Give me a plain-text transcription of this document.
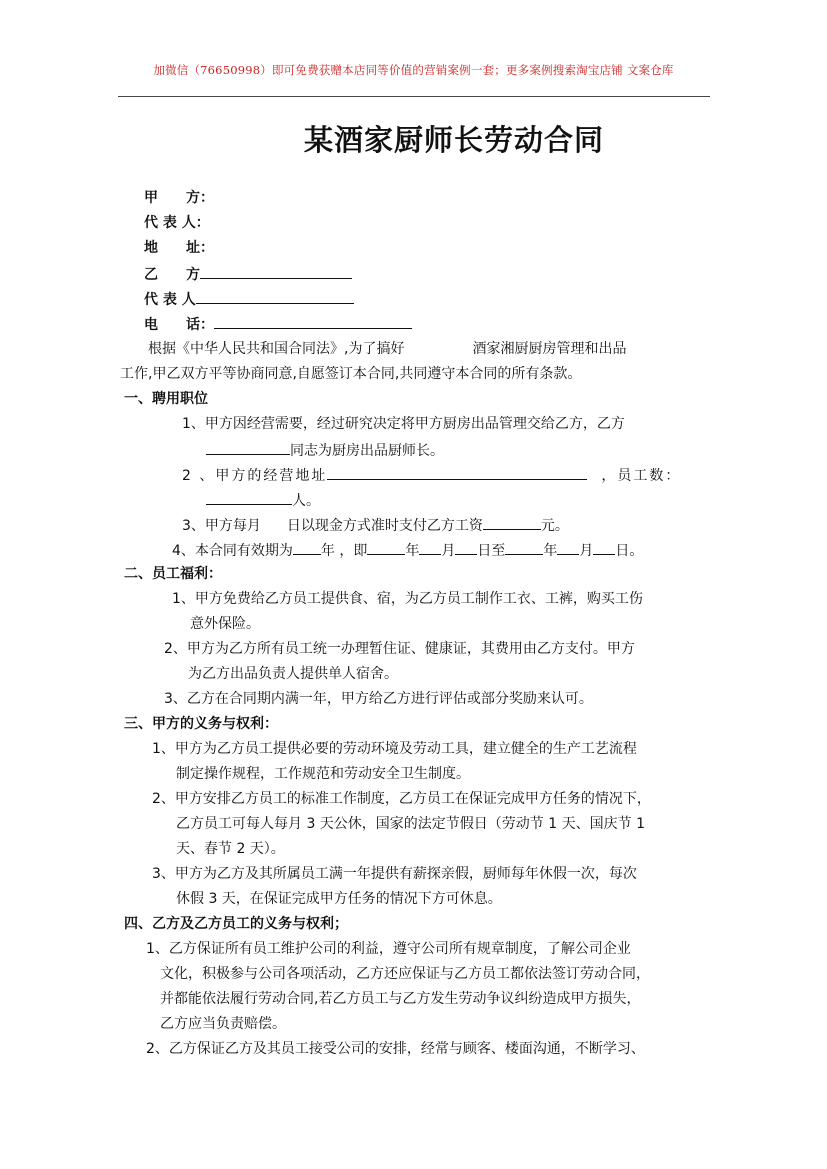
加微信（76650998）即可免费获赠本店同等价值的营销案例一套；更多案例搜索淘宝店铺 文案仓库
某酒家厨师长劳动合同
甲　　方：
代 表 人：
地　　址：
乙　　方
代 表 人
电　　话：
根据《中华人民共和国合同法》,为了搞好	酒家湘厨厨房管理和出品
工作,甲乙双方平等协商同意,自愿签订本合同,共同遵守本合同的所有条款。
一、聘用职位
1、甲方因经营需要，经过研究决定将甲方厨房出品管理交给乙方，乙方
同志为厨房出品厨师长。
2 、甲方的经营地址	，员工数：
人。
3、甲方每月 日以现金方式准时支付乙方工资	元。
4、本合同有效期为 年 ，即	年 月 日至	年 月 日。
二、员工福利：
1、甲方免费给乙方员工提供食、宿，为乙方员工制作工衣、工裤，购买工伤
意外保险。
2、甲方为乙方所有员工统一办理暂住证、健康证，其费用由乙方支付。甲方
为乙方出品负责人提供单人宿舍。
3、乙方在合同期内满一年，甲方给乙方进行评估或部分奖励来认可。
三、甲方的义务与权利：
1、甲方为乙方员工提供必要的劳动环境及劳动工具，建立健全的生产工艺流程
制定操作规程，工作规范和劳动安全卫生制度。
2、甲方安排乙方员工的标准工作制度，乙方员工在保证完成甲方任务的情况下，
乙方员工可每人每月 3 天公休，国家的法定节假日（劳动节 1 天、国庆节 1
天、春节 2 天）。
3、甲方为乙方及其所属员工满一年提供有薪探亲假，厨师每年休假一次，每次
休假 3 天，在保证完成甲方任务的情况下方可休息。
四、乙方及乙方员工的义务与权利；
1、乙方保证所有员工维护公司的利益，遵守公司所有规章制度，了解公司企业
文化，积极参与公司各项活动，乙方还应保证与乙方员工都依法签订劳动合同，
并都能依法履行劳动合同,若乙方员工与乙方发生劳动争议纠纷造成甲方损失，
乙方应当负责赔偿。
2、乙方保证乙方及其员工接受公司的安排，经常与顾客、楼面沟通，不断学习、
